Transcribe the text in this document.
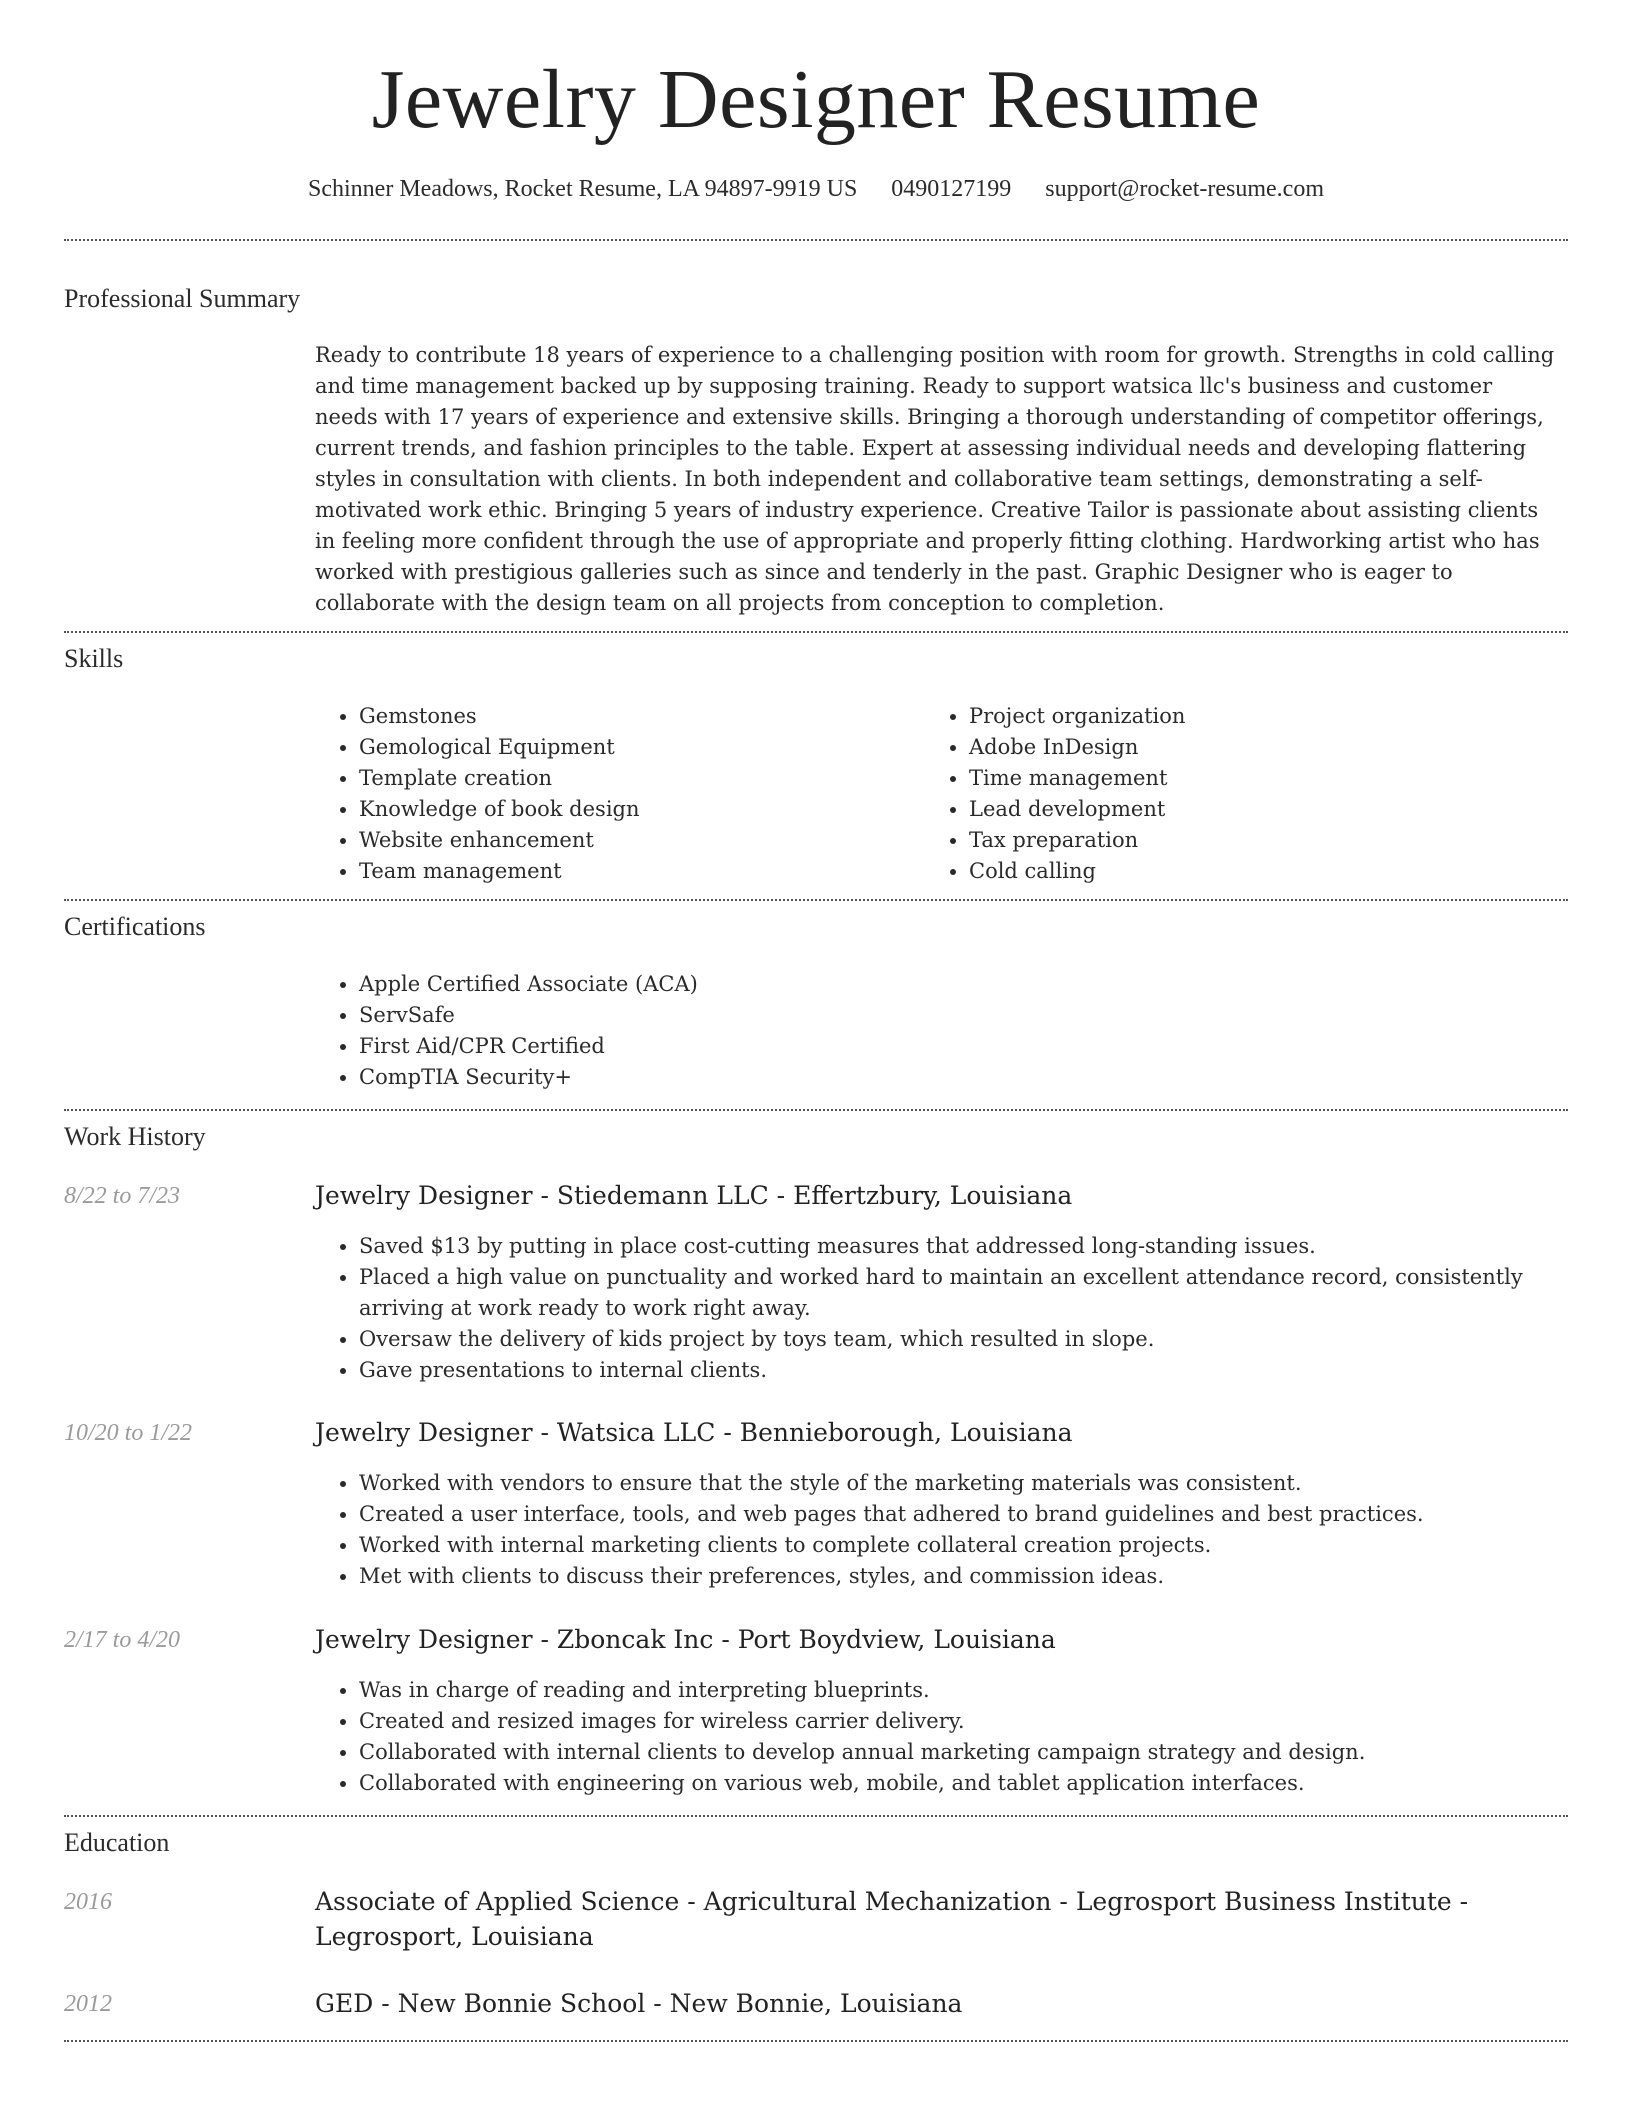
Jewelry Designer Resume
Schinner Meadows, Rocket Resume, LA 94897-9919 US 0490127199 support@rocket-resume.com
Professional Summary
Ready to contribute 18 years of experience to a challenging position with room for growth. Strengths in cold calling and time management backed up by supposing training. Ready to support watsica llc's business and customer needs with 17 years of experience and extensive skills. Bringing a thorough understanding of competitor offerings, current trends, and fashion principles to the table. Expert at assessing individual needs and developing flattering styles in consultation with clients. In both independent and collaborative team settings, demonstrating a self-motivated work ethic. Bringing 5 years of industry experience. Creative Tailor is passionate about assisting clients in feeling more confident through the use of appropriate and properly fitting clothing. Hardworking artist who has worked with prestigious galleries such as since and tenderly in the past. Graphic Designer who is eager to collaborate with the design team on all projects from conception to completion.
Skills
• Gemstones
• Gemological Equipment
• Template creation
• Knowledge of book design
• Website enhancement
• Team management
• Project organization
• Adobe InDesign
• Time management
• Lead development
• Tax preparation
• Cold calling
Certifications
• Apple Certified Associate (ACA)
• ServSafe
• First Aid/CPR Certified
• CompTIA Security+
Work History
8/22 to 7/23	Jewelry Designer - Stiedemann LLC - Effertzbury, Louisiana
• Saved $13 by putting in place cost-cutting measures that addressed long-standing issues.
• Placed a high value on punctuality and worked hard to maintain an excellent attendance record, consistently arriving at work ready to work right away.
• Oversaw the delivery of kids project by toys team, which resulted in slope.
• Gave presentations to internal clients.
10/20 to 1/22	Jewelry Designer - Watsica LLC - Bennieborough, Louisiana
• Worked with vendors to ensure that the style of the marketing materials was consistent.
• Created a user interface, tools, and web pages that adhered to brand guidelines and best practices.
• Worked with internal marketing clients to complete collateral creation projects.
• Met with clients to discuss their preferences, styles, and commission ideas.
2/17 to 4/20	Jewelry Designer - Zboncak Inc - Port Boydview, Louisiana
• Was in charge of reading and interpreting blueprints.
• Created and resized images for wireless carrier delivery.
• Collaborated with internal clients to develop annual marketing campaign strategy and design.
• Collaborated with engineering on various web, mobile, and tablet application interfaces.
Education
2016	Associate of Applied Science - Agricultural Mechanization - Legrosport Business Institute - Legrosport, Louisiana
2012	GED - New Bonnie School - New Bonnie, Louisiana
